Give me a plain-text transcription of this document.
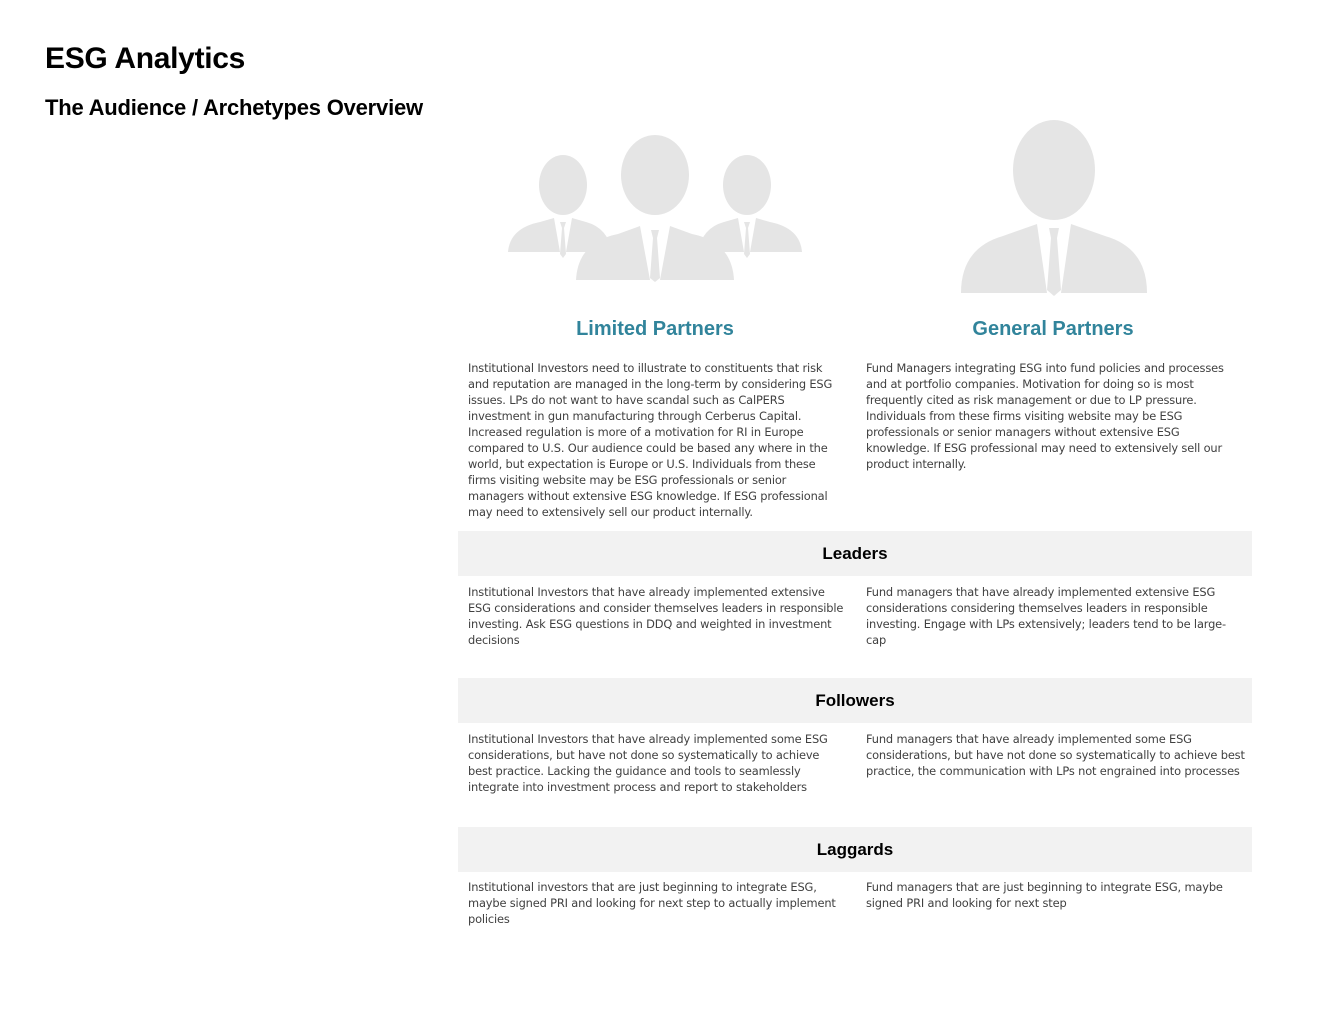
ESG Analytics
The Audience / Archetypes Overview
Limited Partners	General Partners

Institutional Investors need to illustrate to constituents that risk and reputation are managed in the long-term by considering ESG issues. LPs do not want to have scandal such as CalPERS investment in gun manufacturing through Cerberus Capital. Increased regulation is more of a motivation for RI in Europe compared to U.S. Our audience could be based any where in the world, but expectation is Europe or U.S. Individuals from these firms visiting website may be ESG professionals or senior managers without extensive ESG knowledge. If ESG professional may need to extensively sell our product internally.

Fund Managers integrating ESG into fund policies and processes and at portfolio companies. Motivation for doing so is most frequently cited as risk management or due to LP pressure. Individuals from these firms visiting website may be ESG professionals or senior managers without extensive ESG knowledge. If ESG professional may need to extensively sell our product internally.

Leaders

Institutional Investors that have already implemented extensive ESG considerations and consider themselves leaders in responsible investing. Ask ESG questions in DDQ and weighted in investment decisions

Fund managers that have already implemented extensive ESG considerations considering themselves leaders in responsible investing. Engage with LPs extensively; leaders tend to be large-cap

Followers

Institutional Investors that have already implemented some ESG considerations, but have not done so systematically to achieve best practice. Lacking the guidance and tools to seamlessly integrate into investment process and report to stakeholders

Fund managers that have already implemented some ESG considerations, but have not done so systematically to achieve best practice, the communication with LPs not engrained into processes

Laggards

Institutional investors that are just beginning to integrate ESG, maybe signed PRI and looking for next step to actually implement policies

Fund managers that are just beginning to integrate ESG, maybe signed PRI and looking for next step
